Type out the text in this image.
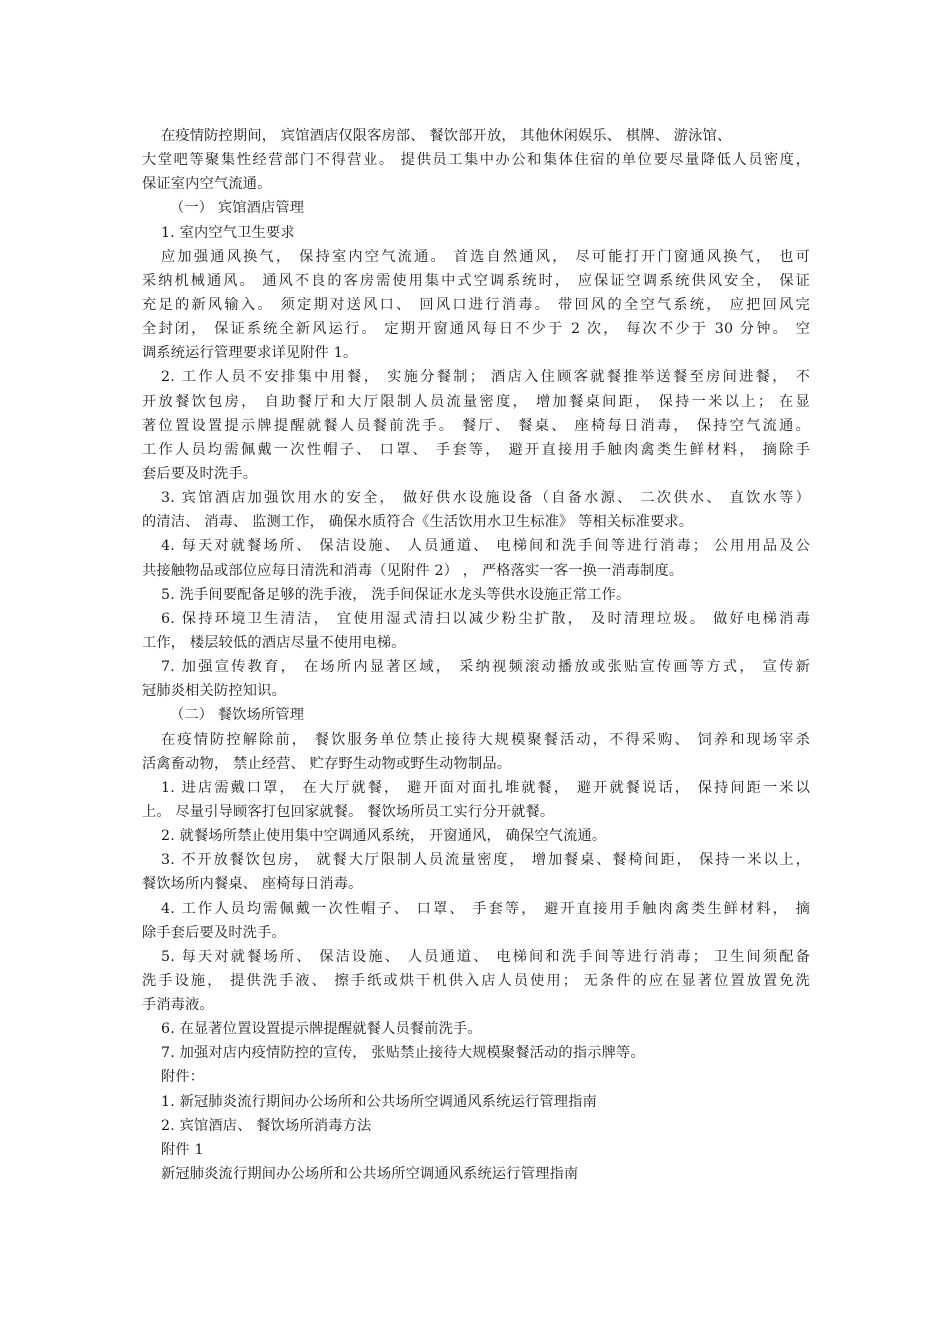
在疫情防控期间， 宾馆酒店仅限客房部、 餐饮部开放， 其他休闲娱乐、 棋牌、 游泳馆、
大堂吧等聚集性经营部门不得营业。 提供员工集中办公和集体住宿的单位要尽量降低人员密度，
保证室内空气流通。
（一） 宾馆酒店管理
1. 室内空气卫生要求
应加强通风换气， 保持室内空气流通。 首选自然通风， 尽可能打开门窗通风换气， 也可
采纳机械通风。 通风不良的客房需使用集中式空调系统时， 应保证空调系统供风安全， 保证
充足的新风输入。 须定期对送风口、 回风口进行消毒。 带回风的全空气系统， 应把回风完
全封闭， 保证系统全新风运行。 定期开窗通风每日不少于 2 次， 每次不少于 30 分钟。 空
调系统运行管理要求详见附件 1。
2. 工作人员不安排集中用餐， 实施分餐制； 酒店入住顾客就餐推举送餐至房间进餐， 不
开放餐饮包房， 自助餐厅和大厅限制人员流量密度， 增加餐桌间距， 保持一米以上； 在显
著位置设置提示牌提醒就餐人员餐前洗手。 餐厅、 餐桌、 座椅每日消毒， 保持空气流通。
工作人员均需佩戴一次性帽子、 口罩、 手套等， 避开直接用手触肉禽类生鲜材料， 摘除手
套后要及时洗手。
3. 宾馆酒店加强饮用水的安全， 做好供水设施设备（自备水源、 二次供水、 直饮水等）
的清洁、 消毒、 监测工作， 确保水质符合《生活饮用水卫生标准》 等相关标准要求。
4. 每天对就餐场所、 保洁设施、 人员通道、 电梯间和洗手间等进行消毒； 公用用品及公
共接触物品或部位应每日清洗和消毒（见附件 2） ， 严格落实一客一换一消毒制度。
5. 洗手间要配备足够的洗手液， 洗手间保证水龙头等供水设施正常工作。
6. 保持环境卫生清洁， 宜使用湿式清扫以减少粉尘扩散， 及时清理垃圾。 做好电梯消毒
工作， 楼层较低的酒店尽量不使用电梯。
7. 加强宣传教育， 在场所内显著区域， 采纳视频滚动播放或张贴宣传画等方式， 宣传新
冠肺炎相关防控知识。
（二） 餐饮场所管理
在疫情防控解除前， 餐饮服务单位禁止接待大规模聚餐活动，不得采购、 饲养和现场宰杀
活禽畜动物， 禁止经营、 贮存野生动物或野生动物制品。
1. 进店需戴口罩， 在大厅就餐， 避开面对面扎堆就餐， 避开就餐说话， 保持间距一米以
上。 尽量引导顾客打包回家就餐。 餐饮场所员工实行分开就餐。
2. 就餐场所禁止使用集中空调通风系统， 开窗通风， 确保空气流通。
3. 不开放餐饮包房， 就餐大厅限制人员流量密度， 增加餐桌、餐椅间距， 保持一米以上，
餐饮场所内餐桌、 座椅每日消毒。
4. 工作人员均需佩戴一次性帽子、 口罩、 手套等， 避开直接用手触肉禽类生鲜材料， 摘
除手套后要及时洗手。
5. 每天对就餐场所、 保洁设施、 人员通道、 电梯间和洗手间等进行消毒； 卫生间须配备
洗手设施， 提供洗手液、 擦手纸或烘干机供入店人员使用； 无条件的应在显著位置放置免洗
手消毒液。
6. 在显著位置设置提示牌提醒就餐人员餐前洗手。
7. 加强对店内疫情防控的宣传， 张贴禁止接待大规模聚餐活动的指示牌等。
附件：
1. 新冠肺炎流行期间办公场所和公共场所空调通风系统运行管理指南
2. 宾馆酒店、 餐饮场所消毒方法
附件 1
新冠肺炎流行期间办公场所和公共场所空调通风系统运行管理指南
